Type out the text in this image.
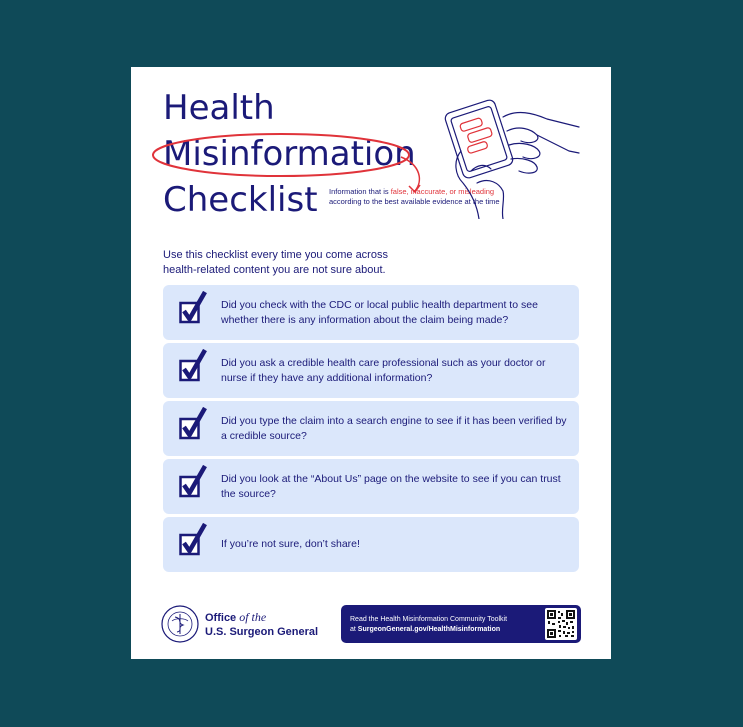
Health
Misinformation
Checklist Information that is false, inaccurate, or misleading according to the best available evidence at the time
Use this checklist every time you come across
health-related content you are not sure about.
Did you check with the CDC or local public health department to see whether there is any information about the claim being made?
Did you ask a credible health care professional such as your doctor or nurse if they have any additional information?
Did you type the claim into a search engine to see if it has been verified by a credible source?
Did you look at the “About Us” page on the website to see if you can trust the source?
If you’re not sure, don’t share!
Office of the
U.S. Surgeon General
Read the Health Misinformation Community Toolkit
at SurgeonGeneral.gov/HealthMisinformation
